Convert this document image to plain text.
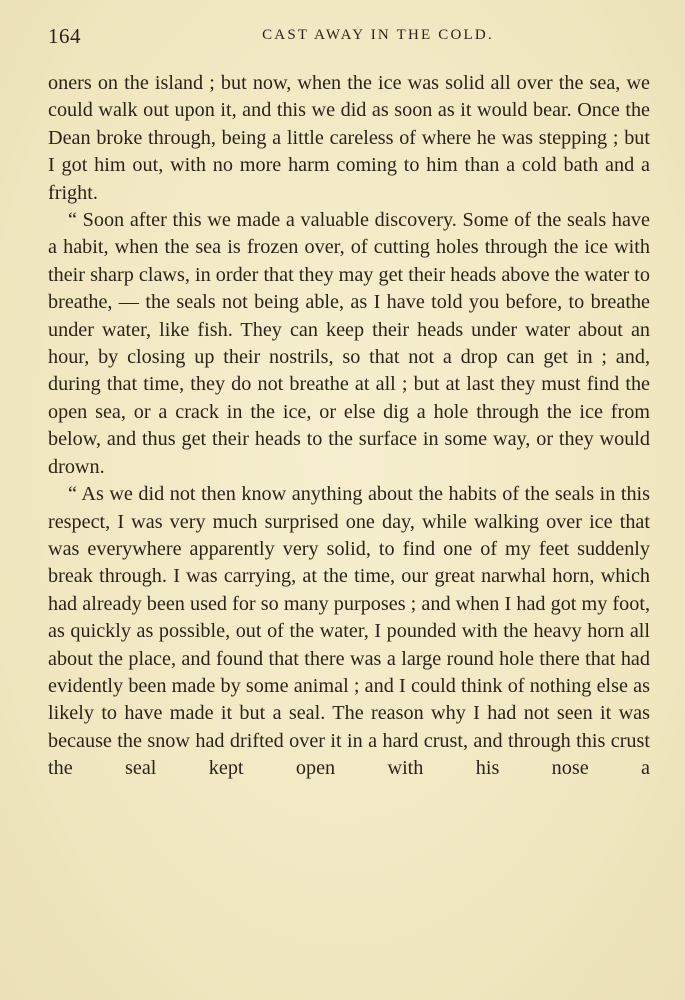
164	CAST AWAY IN THE COLD.

oners on the island ; but now, when the ice was solid all over the sea, we could walk out upon it, and this we did as soon as it would bear. Once the Dean broke through, being a little careless of where he was stepping ; but I got him out, with no more harm coming to him than a cold bath and a fright.

“ Soon after this we made a valuable discovery. Some of the seals have a habit, when the sea is frozen over, of cutting holes through the ice with their sharp claws, in order that they may get their heads above the water to breathe, — the seals not being able, as I have told you before, to breathe under water, like fish. They can keep their heads under water about an hour, by closing up their nostrils, so that not a drop can get in ; and, during that time, they do not breathe at all ; but at last they must find the open sea, or a crack in the ice, or else dig a hole through the ice from below, and thus get their heads to the surface in some way, or they would drown.

“ As we did not then know anything about the habits of the seals in this respect, I was very much surprised one day, while walking over ice that was everywhere apparently very solid, to find one of my feet suddenly break through. I was carrying, at the time, our great narwhal horn, which had already been used for so many purposes ; and when I had got my foot, as quickly as possible, out of the water, I pounded with the heavy horn all about the place, and found that there was a large round hole there that had evidently been made by some animal ; and I could think of nothing else as likely to have made it but a seal. The reason why I had not seen it was because the snow had drifted over it in a hard crust, and through this crust the seal kept open with his nose a
